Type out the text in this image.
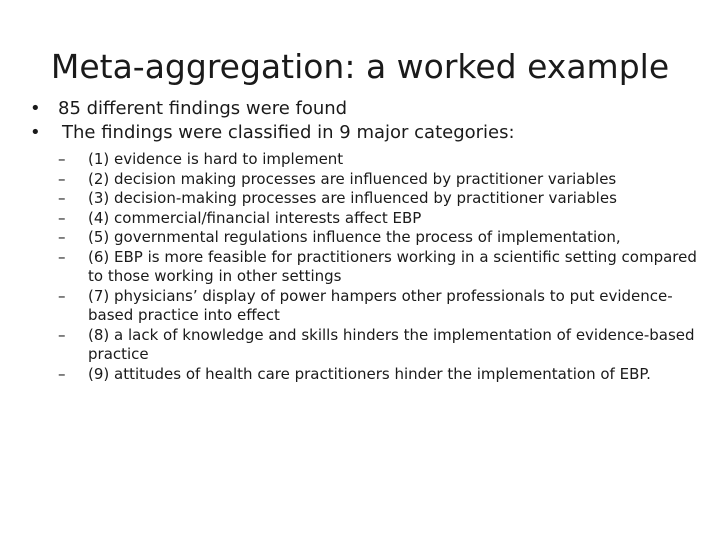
Meta-aggregation: a worked example
• 85 different findings were found
• The findings were classified in 9 major categories:
–	(1) evidence is hard to implement
–	(2) decision making processes are influenced by practitioner variables
–	(3) decision-making processes are influenced by practitioner variables
–	(4) commercial/financial interests affect EBP
–	(5) governmental regulations influence the process of implementation,
–	(6) EBP is more feasible for practitioners working in a scientific setting compared to those working in other settings
–	(7) physicians’ display of power hampers other professionals to put evidence-based practice into effect
–	(8) a lack of knowledge and skills hinders the implementation of evidence-based practice
–	(9) attitudes of health care practitioners hinder the implementation of EBP.
